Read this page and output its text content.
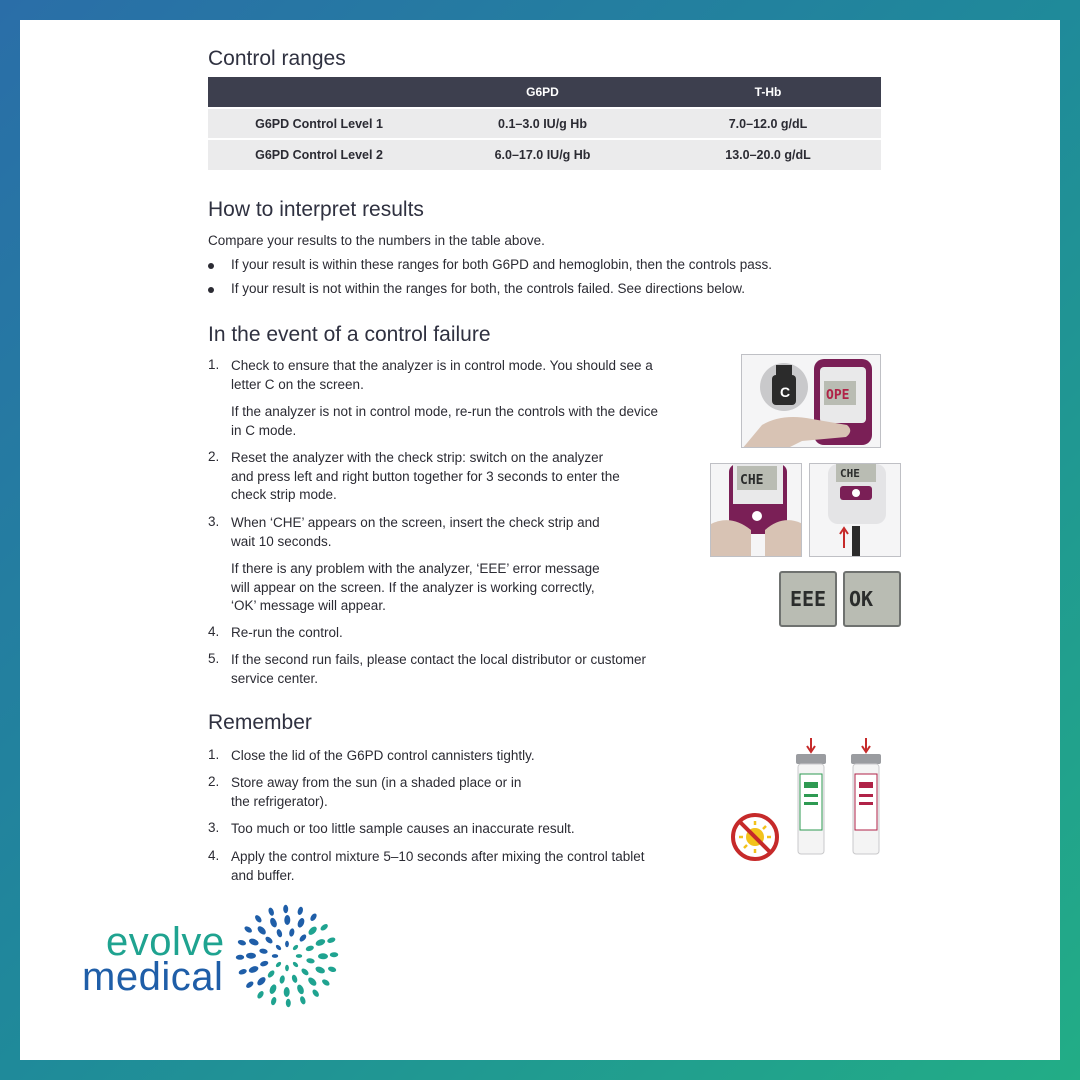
Control ranges
	G6PD	T-Hb
G6PD Control Level 1	0.1–3.0 IU/g Hb	7.0–12.0 g/dL
G6PD Control Level 2	6.0–17.0 IU/g Hb	13.0–20.0 g/dL
How to interpret results

Compare your results to the numbers in the table above.

If your result is within these ranges for both G6PD and hemoglobin, then the controls pass.

If your result is not within the ranges for both, the controls failed. See directions below.

In the event of a control failure
1. Check to ensure that the analyzer is in control mode. You should see a
letter C on the screen.
If the analyzer is not in control mode, re-run the controls with the device
in C mode.
2. Reset the analyzer with the check strip: switch on the analyzer
and press left and right button together for 3 seconds to enter the
check strip mode.
3. When ‘CHE’ appears on the screen, insert the check strip and
wait 10 seconds.
If there is any problem with the analyzer, ‘EEE’ error message
will appear on the screen. If the analyzer is working correctly,
‘OK’ message will appear.
4. Re-run the control.
5. If the second run fails, please contact the local distributor or customer
service center.
OPE
C
CHE	CHE
EEE	OK
Remember
1. Close the lid of the G6PD control cannisters tightly.
2. Store away from the sun (in a shaded place or in
the refrigerator).
3. Too much or too little sample causes an inaccurate result.
4. Apply the control mixture 5–10 seconds after mixing the control tablet
and buffer.
evolve
medical
